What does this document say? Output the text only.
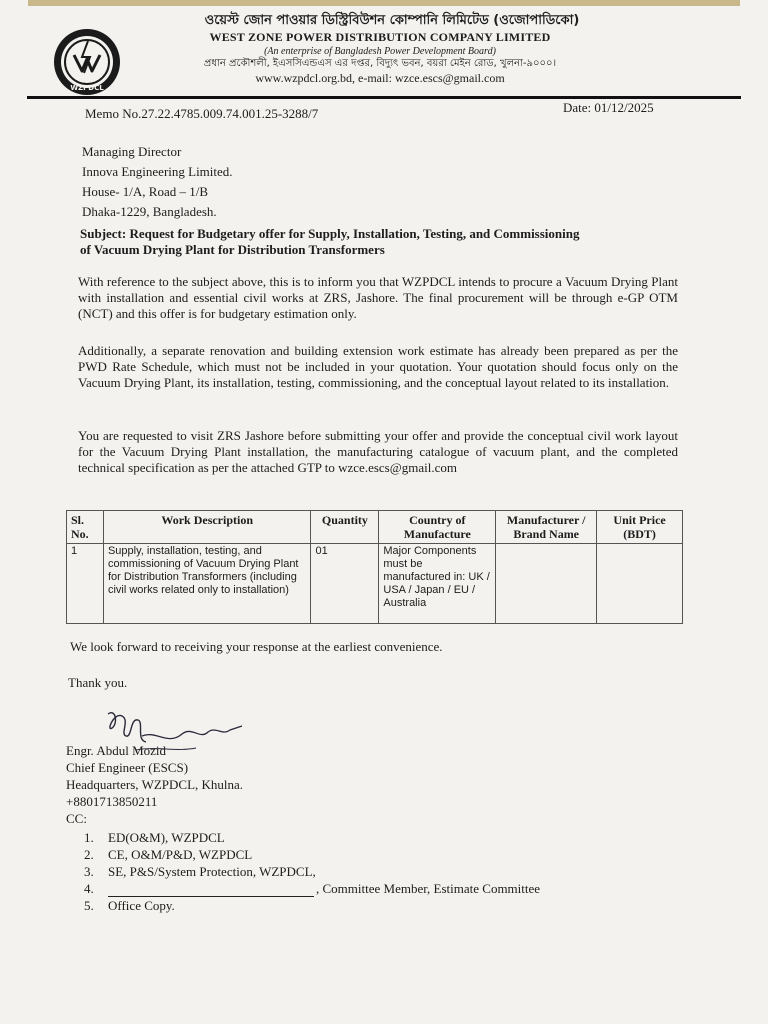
WZPDCL
ওয়েস্ট জোন পাওয়ার ডিস্ট্রিবিউশন কোম্পানি লিমিটেড (ওজোপাডিকো)
WEST ZONE POWER DISTRIBUTION COMPANY LIMITED
(An enterprise of Bangladesh Power Development Board)
প্রধান প্রকৌশলী, ইএসসিএন্ডএস এর দপ্তর, বিদ্যুৎ ভবন, বয়রা মেইন রোড, খুলনা-৯০০০।
www.wzpdcl.org.bd, e-mail: wzce.escs@gmail.com
Memo No.27.22.4785.009.74.001.25-3288/7	Date: 01/12/2025
Managing Director
Innova Engineering Limited.
House- 1/A, Road – 1/B
Dhaka-1229, Bangladesh.
Subject: Request for Budgetary offer for Supply, Installation, Testing, and Commissioning
of Vacuum Drying Plant for Distribution Transformers
With reference to the subject above, this is to inform you that WZPDCL intends to procure a Vacuum Drying Plant with installation and essential civil works at ZRS, Jashore. The final procurement will be through e-GP OTM (NCT) and this offer is for budgetary estimation only.
Additionally, a separate renovation and building extension work estimate has already been prepared as per the PWD Rate Schedule, which must not be included in your quotation. Your quotation should focus only on the Vacuum Drying Plant, its installation, testing, commissioning, and the conceptual layout related to its installation.
You are requested to visit ZRS Jashore before submitting your offer and provide the conceptual civil work layout for the Vacuum Drying Plant installation, the manufacturing catalogue of vacuum plant, and the completed technical specification as per the attached GTP to wzce.escs@gmail.com
Sl. No.	Work Description	Quantity	Country of Manufacture	Manufacturer / Brand Name	Unit Price (BDT)
1	Supply, installation, testing, and commissioning of Vacuum Drying Plant for Distribution Transformers (including civil works related only to installation)	01	Major Components must be manufactured in: UK / USA / Japan / EU / Australia		
We look forward to receiving your response at the earliest convenience.
Thank you.
Engr. Abdul Mozid
Chief Engineer (ESCS)
Headquarters, WZPDCL, Khulna.
+8801713850211
CC:
1.	ED(O&M), WZPDCL
2.	CE, O&M/P&D, WZPDCL
3.	SE, P&S/System Protection, WZPDCL,
4.	, Committee Member, Estimate Committee
5.	Office Copy.
